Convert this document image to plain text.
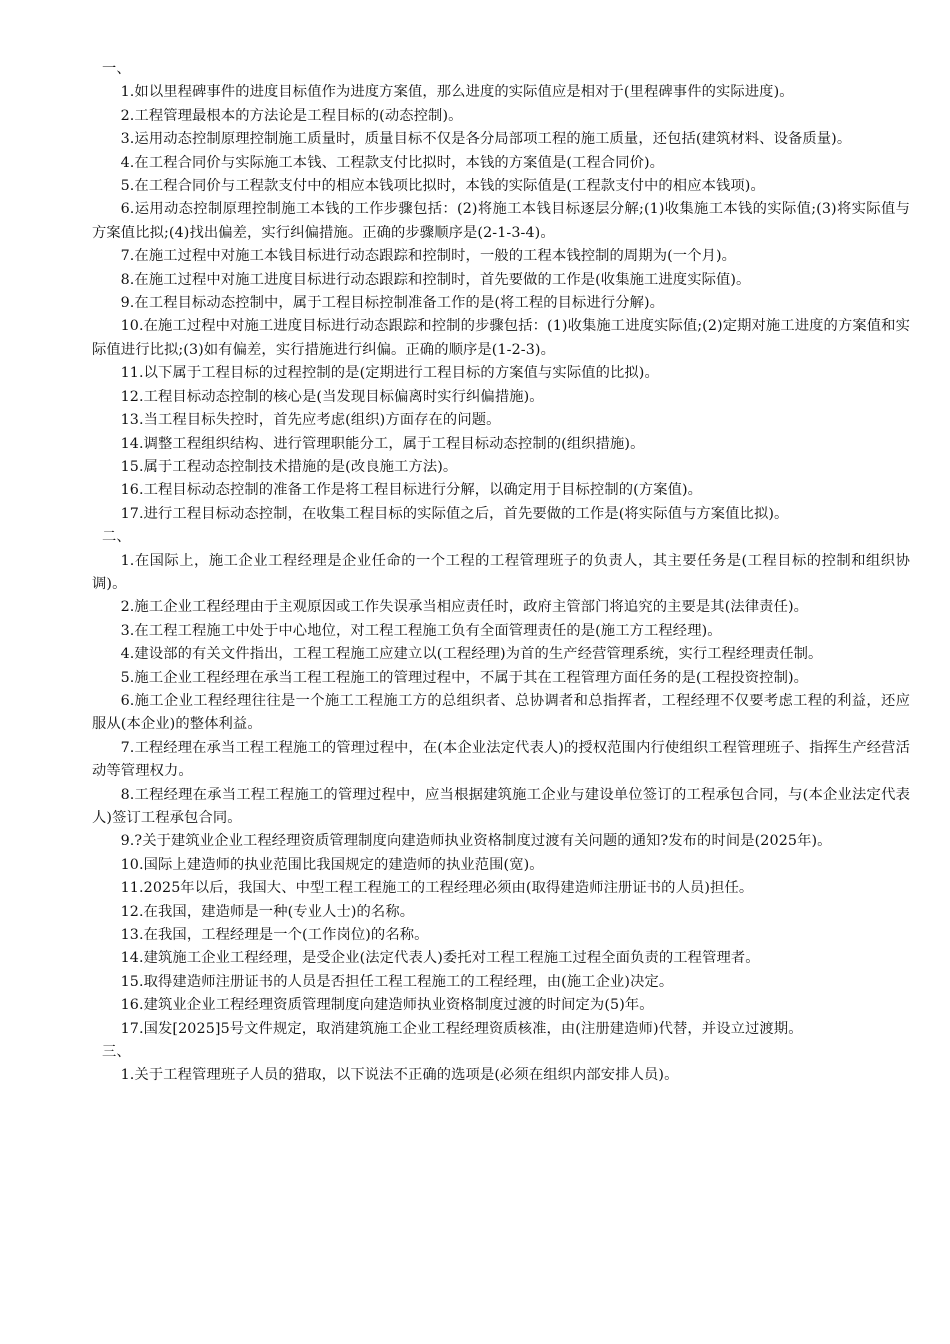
一、

1.如以里程碑事件的进度目标值作为进度方案值，那么进度的实际值应是相对于(里程碑事件的实际进度)。

2.工程管理最根本的方法论是工程目标的(动态控制)。

3.运用动态控制原理控制施工质量时，质量目标不仅是各分局部项工程的施工质量，还包括(建筑材料、设备质量)。

4.在工程合同价与实际施工本钱、工程款支付比拟时，本钱的方案值是(工程合同价)。

5.在工程合同价与工程款支付中的相应本钱项比拟时，本钱的实际值是(工程款支付中的相应本钱项)。

6.运用动态控制原理控制施工本钱的工作步骤包括：(2)将施工本钱目标逐层分解;(1)收集施工本钱的实际值;(3)将实际值与方案值比拟;(4)找出偏差，实行纠偏措施。正确的步骤顺序是(2-1-3-4)。

7.在施工过程中对施工本钱目标进行动态跟踪和控制时，一般的工程本钱控制的周期为(一个月)。

8.在施工过程中对施工进度目标进行动态跟踪和控制时，首先要做的工作是(收集施工进度实际值)。

9.在工程目标动态控制中，属于工程目标控制准备工作的是(将工程的目标进行分解)。

10.在施工过程中对施工进度目标进行动态跟踪和控制的步骤包括：(1)收集施工进度实际值;(2)定期对施工进度的方案值和实际值进行比拟;(3)如有偏差，实行措施进行纠偏。正确的顺序是(1-2-3)。

11.以下属于工程目标的过程控制的是(定期进行工程目标的方案值与实际值的比拟)。

12.工程目标动态控制的核心是(当发现目标偏离时实行纠偏措施)。

13.当工程目标失控时，首先应考虑(组织)方面存在的问题。

14.调整工程组织结构、进行管理职能分工，属于工程目标动态控制的(组织措施)。

15.属于工程动态控制技术措施的是(改良施工方法)。

16.工程目标动态控制的准备工作是将工程目标进行分解，以确定用于目标控制的(方案值)。

17.进行工程目标动态控制，在收集工程目标的实际值之后，首先要做的工作是(将实际值与方案值比拟)。

二、

1.在国际上，施工企业工程经理是企业任命的一个工程的工程管理班子的负责人，其主要任务是(工程目标的控制和组织协调)。

2.施工企业工程经理由于主观原因或工作失误承当相应责任时，政府主管部门将追究的主要是其(法律责任)。

3.在工程工程施工中处于中心地位，对工程工程施工负有全面管理责任的是(施工方工程经理)。

4.建设部的有关文件指出，工程工程施工应建立以(工程经理)为首的生产经营管理系统，实行工程经理责任制。

5.施工企业工程经理在承当工程工程施工的管理过程中，不属于其在工程管理方面任务的是(工程投资控制)。

6.施工企业工程经理往往是一个施工工程施工方的总组织者、总协调者和总指挥者，工程经理不仅要考虑工程的利益，还应服从(本企业)的整体利益。

7.工程经理在承当工程工程施工的管理过程中，在(本企业法定代表人)的授权范围内行使组织工程管理班子、指挥生产经营活动等管理权力。

8.工程经理在承当工程工程施工的管理过程中，应当根据建筑施工企业与建设单位签订的工程承包合同，与(本企业法定代表人)签订工程承包合同。

9.?关于建筑业企业工程经理资质管理制度向建造师执业资格制度过渡有关问题的通知?发布的时间是(2025年)。

10.国际上建造师的执业范围比我国规定的建造师的执业范围(宽)。

11.2025年以后，我国大、中型工程工程施工的工程经理必须由(取得建造师注册证书的人员)担任。

12.在我国，建造师是一种(专业人士)的名称。

13.在我国，工程经理是一个(工作岗位)的名称。

14.建筑施工企业工程经理，是受企业(法定代表人)委托对工程工程施工过程全面负责的工程管理者。

15.取得建造师注册证书的人员是否担任工程工程施工的工程经理，由(施工企业)决定。

16.建筑业企业工程经理资质管理制度向建造师执业资格制度过渡的时间定为(5)年。

17.国发[2025]5号文件规定，取消建筑施工企业工程经理资质核准，由(注册建造师)代替，并设立过渡期。

三、

1.关于工程管理班子人员的猎取，以下说法不正确的选项是(必须在组织内部安排人员)。
